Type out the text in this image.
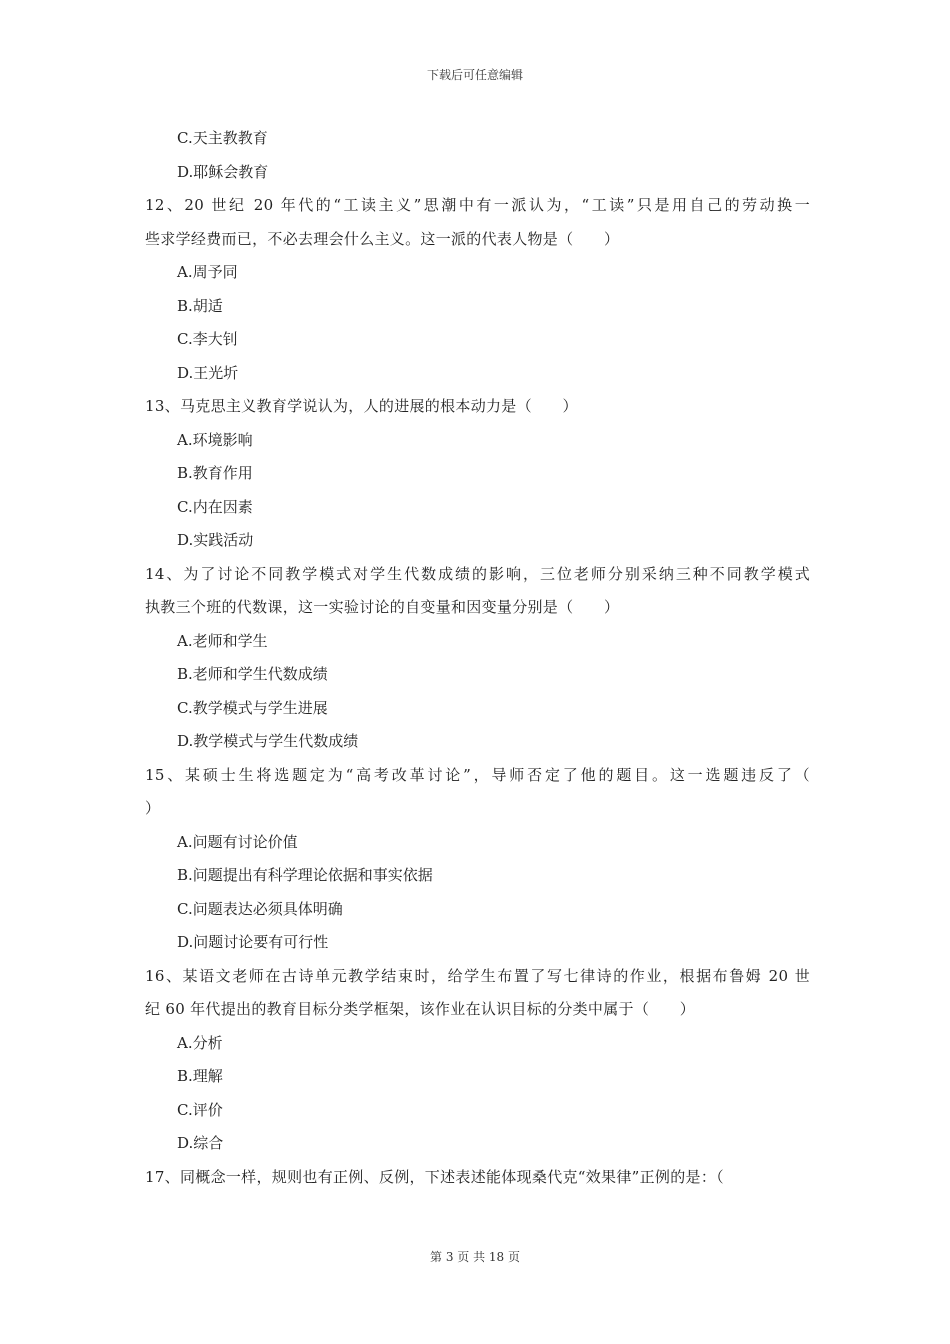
下载后可任意编辑
C.天主教教育
D.耶稣会教育
12、20 世纪 20 年代的“工读主义”思潮中有一派认为，“工读”只是用自己的劳动换一
些求学经费而已，不必去理会什么主义。这一派的代表人物是（　　）
A.周予同
B.胡适
C.李大钊
D.王光圻
13、马克思主义教育学说认为，人的进展的根本动力是（　　）
A.环境影响
B.教育作用
C.内在因素
D.实践活动
14、为了讨论不同教学模式对学生代数成绩的影响，三位老师分别采纳三种不同教学模式
执教三个班的代数课，这一实验讨论的自变量和因变量分别是（　　）
A.老师和学生
B.老师和学生代数成绩
C.教学模式与学生进展
D.教学模式与学生代数成绩
15、某硕士生将选题定为“高考改革讨论”，导师否定了他的题目。这一选题违反了（
）
A.问题有讨论价值
B.问题提出有科学理论依据和事实依据
C.问题表达必须具体明确
D.问题讨论要有可行性
16、某语文老师在古诗单元教学结束时，给学生布置了写七律诗的作业，根据布鲁姆 20 世
纪 60 年代提出的教育目标分类学框架，该作业在认识目标的分类中属于（　　）
A.分析
B.理解
C.评价
D.综合
17、同概念一样，规则也有正例、反例，下述表述能体现桑代克“效果律”正例的是：（
第 3 页 共 18 页
